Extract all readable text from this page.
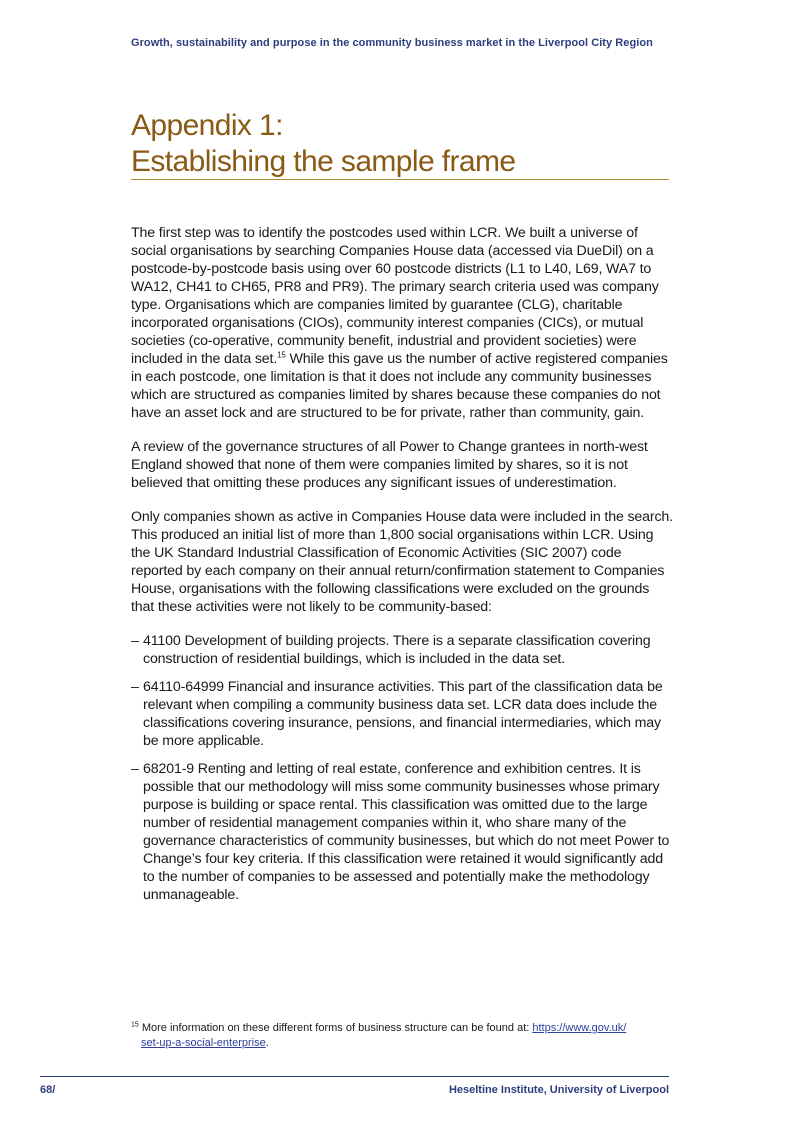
Growth, sustainability and purpose in the community business market in the Liverpool City Region
Appendix 1:
Establishing the sample frame

The first step was to identify the postcodes used within LCR. We built a universe of social organisations by searching Companies House data (accessed via DueDil) on a postcode-by-postcode basis using over 60 postcode districts (L1 to L40, L69, WA7 to WA12, CH41 to CH65, PR8 and PR9). The primary search criteria used was company type. Organisations which are companies limited by guarantee (CLG), charitable incorporated organisations (CIOs), community interest companies (CICs), or mutual societies (co-operative, community benefit, industrial and provident societies) were included in the data set.$^{15}$ While this gave us the number of active registered companies in each postcode, one limitation is that it does not include any community businesses which are structured as companies limited by shares because these companies do not have an asset lock and are structured to be for private, rather than community, gain.

A review of the governance structures of all Power to Change grantees in north-west England showed that none of them were companies limited by shares, so it is not believed that omitting these produces any significant issues of underestimation.

Only companies shown as active in Companies House data were included in the search. This produced an initial list of more than 1,800 social organisations within LCR. Using the UK Standard Industrial Classification of Economic Activities (SIC 2007) code reported by each company on their annual return/confirmation statement to Companies House, organisations with the following classifications were excluded on the grounds that these activities were not likely to be community-based:

– 41100 Development of building projects. There is a separate classification covering construction of residential buildings, which is included in the data set.
– 64110-64999 Financial and insurance activities. This part of the classification data be relevant when compiling a community business data set. LCR data does include the classifications covering insurance, pensions, and financial intermediaries, which may be more applicable.
– 68201-9 Renting and letting of real estate, conference and exhibition centres. It is possible that our methodology will miss some community businesses whose primary purpose is building or space rental. This classification was omitted due to the large number of residential management companies within it, who share many of the governance characteristics of community businesses, but which do not meet Power to Change’s four key criteria. If this classification were retained it would significantly add to the number of companies to be assessed and potentially make the methodology unmanageable.
$^{15}$ More information on these different forms of business structure can be found at: https://www.gov.uk/
set-up-a-social-enterprise.
68/	Heseltine Institute, University of Liverpool
